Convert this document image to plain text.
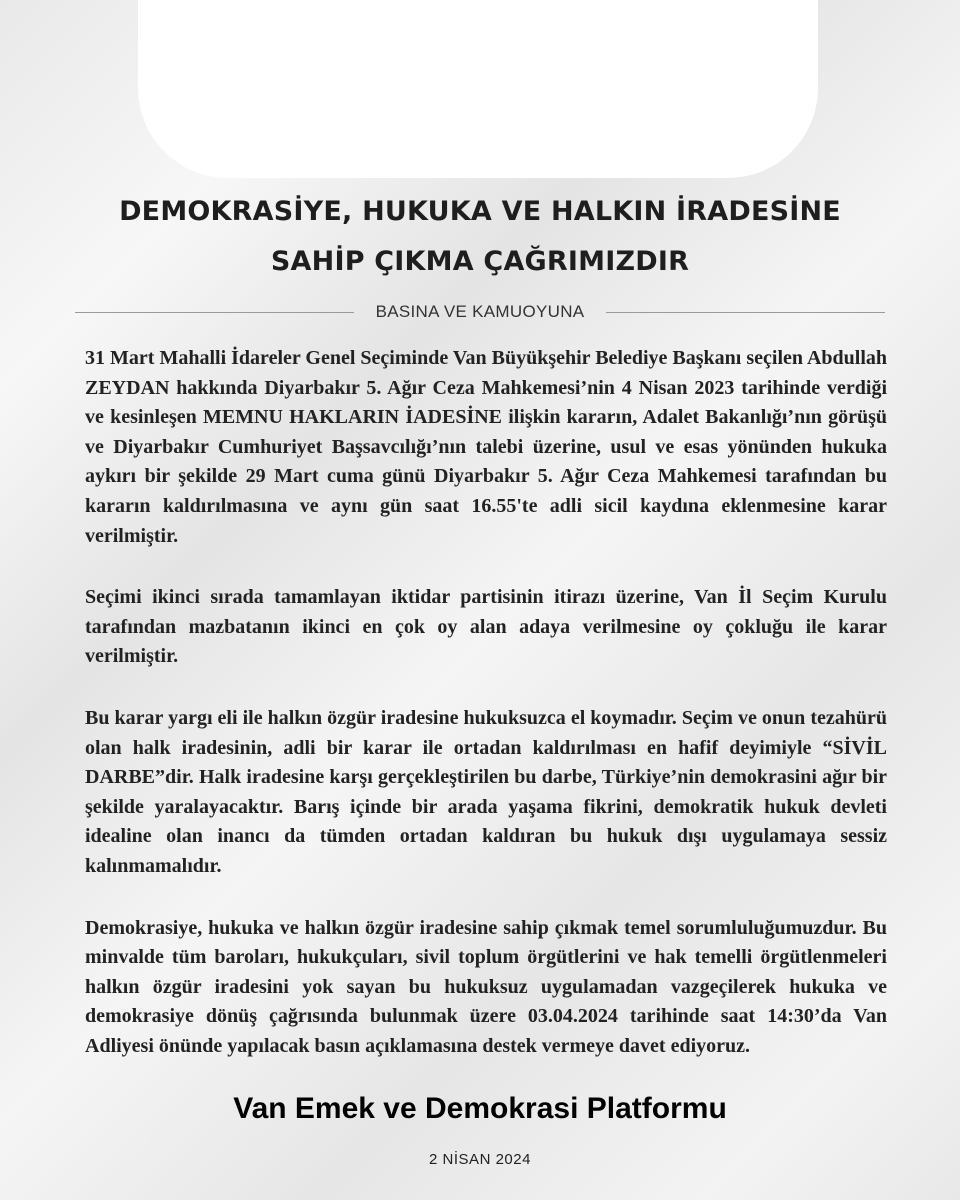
DEMOKRASİYE, HUKUKA VE HALKIN İRADESİNE
SAHİP ÇIKMA ÇAĞRIMIZDIR
BASINA VE KAMUOYUNA

31 Mart Mahalli İdareler Genel Seçiminde Van Büyükşehir Belediye Başkanı seçilen Abdullah ZEYDAN hakkında Diyarbakır 5. Ağır Ceza Mahkemesi’nin 4 Nisan 2023 tarihinde verdiği ve kesinleşen MEMNU HAKLARIN İADESİNE ilişkin kararın, Adalet Bakanlığı’nın görüşü ve Diyarbakır Cumhuriyet Başsavcılığı’nın talebi üzerine, usul ve esas yönünden hukuka aykırı bir şekilde 29 Mart cuma günü Diyarbakır 5. Ağır Ceza Mahkemesi tarafından bu kararın kaldırılmasına ve aynı gün saat 16.55'te adli sicil kaydına eklenmesine karar verilmiştir.

Seçimi ikinci sırada tamamlayan iktidar partisinin itirazı üzerine, Van İl Seçim Kurulu tarafından mazbatanın ikinci en çok oy alan adaya verilmesine oy çokluğu ile karar verilmiştir.

Bu karar yargı eli ile halkın özgür iradesine hukuksuzca el koymadır. Seçim ve onun tezahürü olan halk iradesinin, adli bir karar ile ortadan kaldırılması en hafif deyimiyle “SİVİL DARBE”dir. Halk iradesine karşı gerçekleştirilen bu darbe, Türkiye’nin demokrasini ağır bir şekilde yaralayacaktır. Barış içinde bir arada yaşama fikrini, demokratik hukuk devleti idealine olan inancı da tümden ortadan kaldıran bu hukuk dışı uygulamaya sessiz kalınmamalıdır.

Demokrasiye, hukuka ve halkın özgür iradesine sahip çıkmak temel sorumluluğumuzdur. Bu minvalde tüm baroları, hukukçuları, sivil toplum örgütlerini ve hak temelli örgütlenmeleri halkın özgür iradesini yok sayan bu hukuksuz uygulamadan vazgeçilerek hukuka ve demokrasiye dönüş çağrısında bulunmak üzere 03.04.2024 tarihinde saat 14:30’da Van Adliyesi önünde yapılacak basın açıklamasına destek vermeye davet ediyoruz.

Van Emek ve Demokrasi Platformu
2 NİSAN 2024
